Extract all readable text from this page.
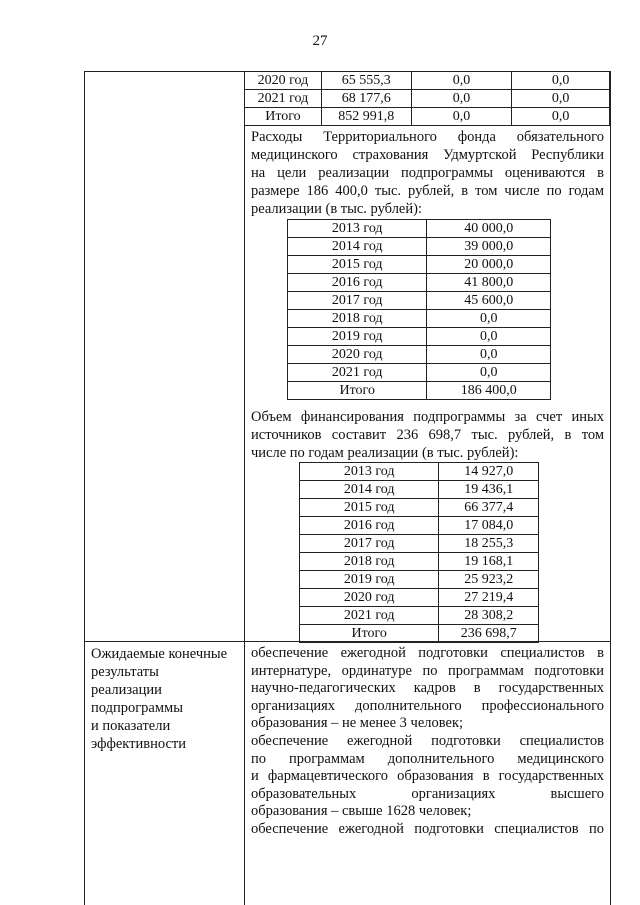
27
2020 год	65 555,3	0,0	0,0
2021 год	68 177,6	0,0	0,0
Итого	852 991,8	0,0	0,0
Расходы Территориального фонда обязательного
медицинского страхования Удмуртской Республики
на цели реализации подпрограммы оцениваются в
размере 186 400,0 тыс. рублей, в том числе по годам
реализации (в тыс. рублей):
2013 год	40 000,0
2014 год	39 000,0
2015 год	20 000,0
2016 год	41 800,0
2017 год	45 600,0
2018 год	0,0
2019 год	0,0
2020 год	0,0
2021 год	0,0
Итого	186 400,0
Объем финансирования подпрограммы за счет иных
источников составит 236 698,7 тыс. рублей, в том
числе по годам реализации (в тыс. рублей):
2013 год	14 927,0
2014 год	19 436,1
2015 год	66 377,4
2016 год	17 084,0
2017 год	18 255,3
2018 год	19 168,1
2019 год	25 923,2
2020 год	27 219,4
2021 год	28 308,2
Итого	236 698,7
Ожидаемые конечные
результаты
реализации
подпрограммы
и показатели
эффективности
обеспечение ежегодной подготовки специалистов в
интернатуре, ординатуре по программам подготовки
научно-педагогических кадров в государственных
организациях дополнительного профессионального
образования – не менее 3 человек;
обеспечение ежегодной подготовки специалистов
по программам дополнительного медицинского
и фармацевтического образования в государственных
образовательных организациях высшего
образования – свыше 1628 человек;
обеспечение ежегодной подготовки специалистов по
